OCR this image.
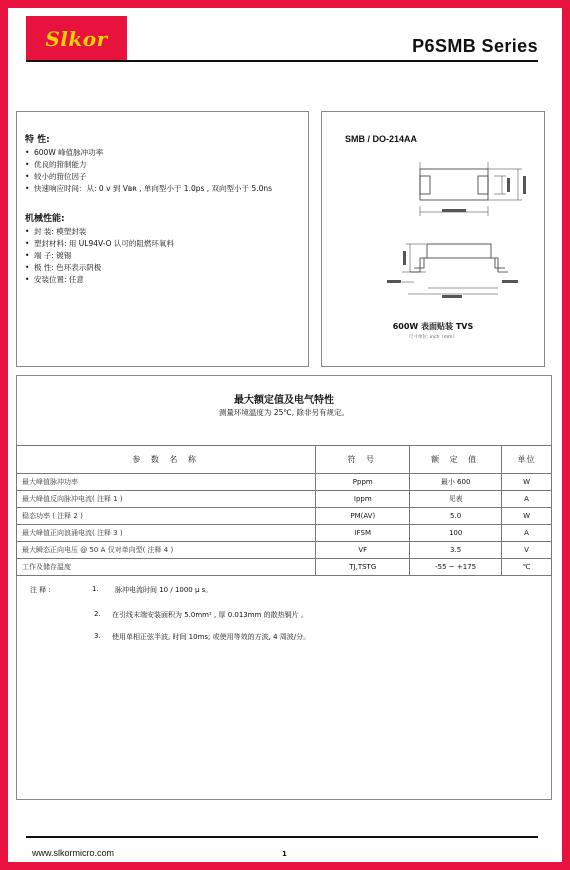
Slkor	P6SMB Series
特 性:
• 600W 峰值脉冲功率
• 优良的箝制能力
• 较小的箝位因子
• 快速响应时间：从: 0 v 到 Vʙʀ , 单向型小于 1.0ps , 双向型小于 5.0ns
机械性能:
• 封 装: 模塑封装
• 塑封材料: 用 UL94V-O 认可的阻燃环氧料
• 端 子: 镀锡
• 极 性: 色环表示阴极
• 安装位置: 任意
SMB / DO-214AA
600W 表面贴装 TVS
尺寸单位: inch（mm）
最大额定值及电气特性
测量环境温度为 25℃, 除非另有规定。
参 数 名 称	符 号	额 定 值	单位
最大峰值脉冲功率	Pppm	最小 600	W
最大峰值反向脉冲电流( 注释 1 )	Ippm	见表	A
稳态功率 ( 注释 2 )	PM(AV)	5.0	W
最大峰值正向浪涌电流( 注释 3 )	IFSM	100	A
最大瞬态正向电压 @ 50 A 仅对单向型( 注释 4 )	VF	3.5	V
工作及储存温度	TJ,TSTG	-55 ~ +175	℃
注 释 :	1. 脉冲电流时间 10 / 1000 μ s。
2. 在引线末端安装面积为 5.0mm² , 厚 0.013mm 的散热铜片 。
3. 使用单相正弦半波, 时间 10ms; 或使用等效的方波, 4 周波/分。
www.slkormicro.com	1
